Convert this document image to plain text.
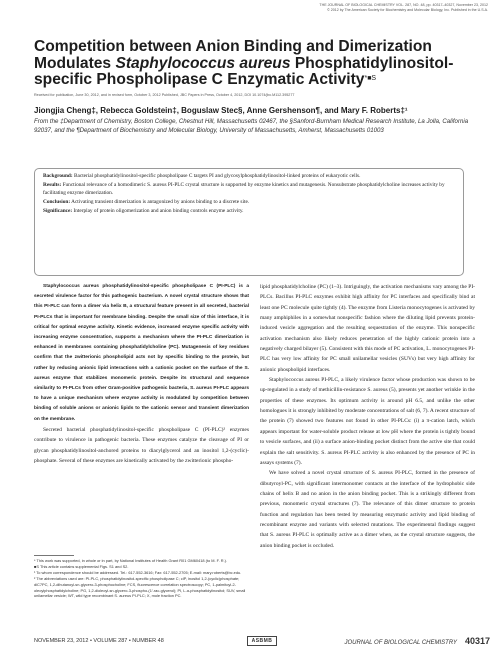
THE JOURNAL OF BIOLOGICAL CHEMISTRY VOL. 287, NO. 48, pp. 40317–40327, November 23, 2012
© 2012 by The American Society for Biochemistry and Molecular Biology, Inc. Published in the U.S.A.
Competition between Anion Binding and Dimerization Modulates Staphylococcus aureus Phosphatidylinositol-specific Phospholipase C Enzymatic Activity$^{*■S}$
Received for publication, June 30, 2012, and in revised form, October 3, 2012 Published, JBC Papers in Press, October 4, 2012, DOI 10.1074/jbc.M112.395277
Jiongjia Cheng‡, Rebecca Goldstein‡, Boguslaw Stec§, Anne Gershenson¶, and Mary F. Roberts‡¹
From the ‡Department of Chemistry, Boston College, Chestnut Hill, Massachusetts 02467, the §Sanford-Burnham Medical Research Institute, La Jolla, California 92037, and the ¶Department of Biochemistry and Molecular Biology, University of Massachusetts, Amherst, Massachusetts 01003

Background: Bacterial phosphatidylinositol-specific phospholipase C targets PI and glycosylphosphatidylinositol-linked proteins of eukaryotic cells.

Results: Functional relevance of a homodimeric S. aureus PI-PLC crystal structure is supported by enzyme kinetics and mutagenesis. Nonsubstrate phosphatidylcholine increases activity by facilitating enzyme dimerization.

Conclusion: Activating transient dimerization is antagonized by anions binding to a discrete site.

Significance: Interplay of protein oligomerization and anion binding controls enzyme activity.

Staphylococcus aureus phosphatidylinositol-specific phospholipase C (PI-PLC) is a secreted virulence factor for this pathogenic bacterium. A novel crystal structure shows that this PI-PLC can form a dimer via helix B, a structural feature present in all secreted, bacterial PI-PLCs that is important for membrane binding. Despite the small size of this interface, it is critical for optimal enzyme activity. Kinetic evidence, increased enzyme specific activity with increasing enzyme concentration, supports a mechanism where the PI-PLC dimerization is enhanced in membranes containing phosphatidylcholine (PC). Mutagenesis of key residues confirm that the zwitterionic phospholipid acts not by specific binding to the protein, but rather by reducing anionic lipid interactions with a cationic pocket on the surface of the S. aureus enzyme that stabilizes monomeric protein. Despite its structural and sequence similarity to PI-PLCs from other Gram-positive pathogenic bacteria, S. aureus PI-PLC appears to have a unique mechanism where enzyme activity is modulated by competition between binding of soluble anions or anionic lipids to the cationic sensor and transient dimerization on the membrane.

Secreted bacterial phosphatidylinositol-specific phospholipase C (PI-PLC)² enzymes contribute to virulence in pathogenic bacteria. These enzymes catalyze the cleavage of PI or glycan phosphatidylinositol-anchored proteins to diacylglycerol and an inositol 1,2-(cyclic)-phosphate. Several of these enzymes are kinetically activated by the zwitterionic phospho-

* This work was supported, in whole or in part, by National Institutes of Health Grant R01 GM60418 (to M. F. R.).

■S This article contains supplemental Figs. S1 and S2.

¹ To whom correspondence should be addressed. Tel.: 617-552-3616; Fax: 617-552-2705; E-mail: mary.roberts@bc.edu.

² The abbreviations used are: PI-PLC, phosphatidylinositol-specific phospholipase C; cIP, inositol 1,2-(cyclic)phosphate; diC7PC, 1,2-dihutanoyl-sn-glycero-3-phosphocholine; FCS, fluorescence correlation spectroscopy; PC, 1-palmitoyl-2-oleoylphosphatidylcholine; PG, 1,2-dioleoyl-sn-glycero-3-phospho-(1′-rac-glycerol); PI, L-α-phosphatidylinositol; SUV, small unilamellar vesicle; WT, wild type recombinant S. aureus PI-PLC; X, mole fraction PC.

lipid phosphatidylcholine (PC) (1–3). Intriguingly, the activation mechanisms vary among the PI-PLCs. Bacillus PI-PLC enzymes exhibit high affinity for PC interfaces and specifically bind at least one PC molecule quite tightly (4). The enzyme from Listeria monocytogenes is activated by many amphiphiles in a somewhat nonspecific fashion where the diluting lipid prevents protein-induced vesicle aggregation and the resulting sequestration of the enzyme. This nonspecific activation mechanism also likely reduces penetration of the highly cationic protein into a negatively charged bilayer (5). Consistent with this mode of PC activation, L. monocytogenes PI-PLC has very low affinity for PC small unilamellar vesicles (SUVs) but very high affinity for anionic phospholipid interfaces.

Staphylococcus aureus PI-PLC, a likely virulence factor whose production was shown to be up-regulated in a study of methicillin-resistance S. aureus (5), presents yet another wrinkle in the properties of these enzymes. Its optimum activity is around pH 6.5, and unlike the other homologues it is strongly inhibited by moderate concentrations of salt (6, 7). A recent structure of the protein (7) showed two features not found in other PI-PLCs: (i) a π-cation latch, which appears important for water-soluble product release at low pH where the protein is tightly bound to vesicle surfaces, and (ii) a surface anion-binding pocket distinct from the active site that could explain the salt sensitivity. S. aureus PI-PLC activity is also enhanced by the presence of PC in assays systems (7).

We have solved a novel crystal structure of S. aureus PI-PLC, formed in the presence of dibutyroyl-PC, with significant intermonomer contacts at the interface of the hydrophobic side chains of helix B and no anion in the anion binding pocket. This is a strikingly different from previous, monomeric crystal structures (7). The relevance of this dimer structure to protein function and regulation has been tested by measuring enzymatic activity and lipid binding of recombinant enzyme and variants with selected mutations. The experimental findings suggest that S. aureus PI-PLC is optimally active as a dimer when, as the crystal structure suggests, the anion binding pocket is occluded.

NOVEMBER 23, 2012 • VOLUME 287 • NUMBER 48	ASBMB	JOURNAL OF BIOLOGICAL CHEMISTRY 40317
